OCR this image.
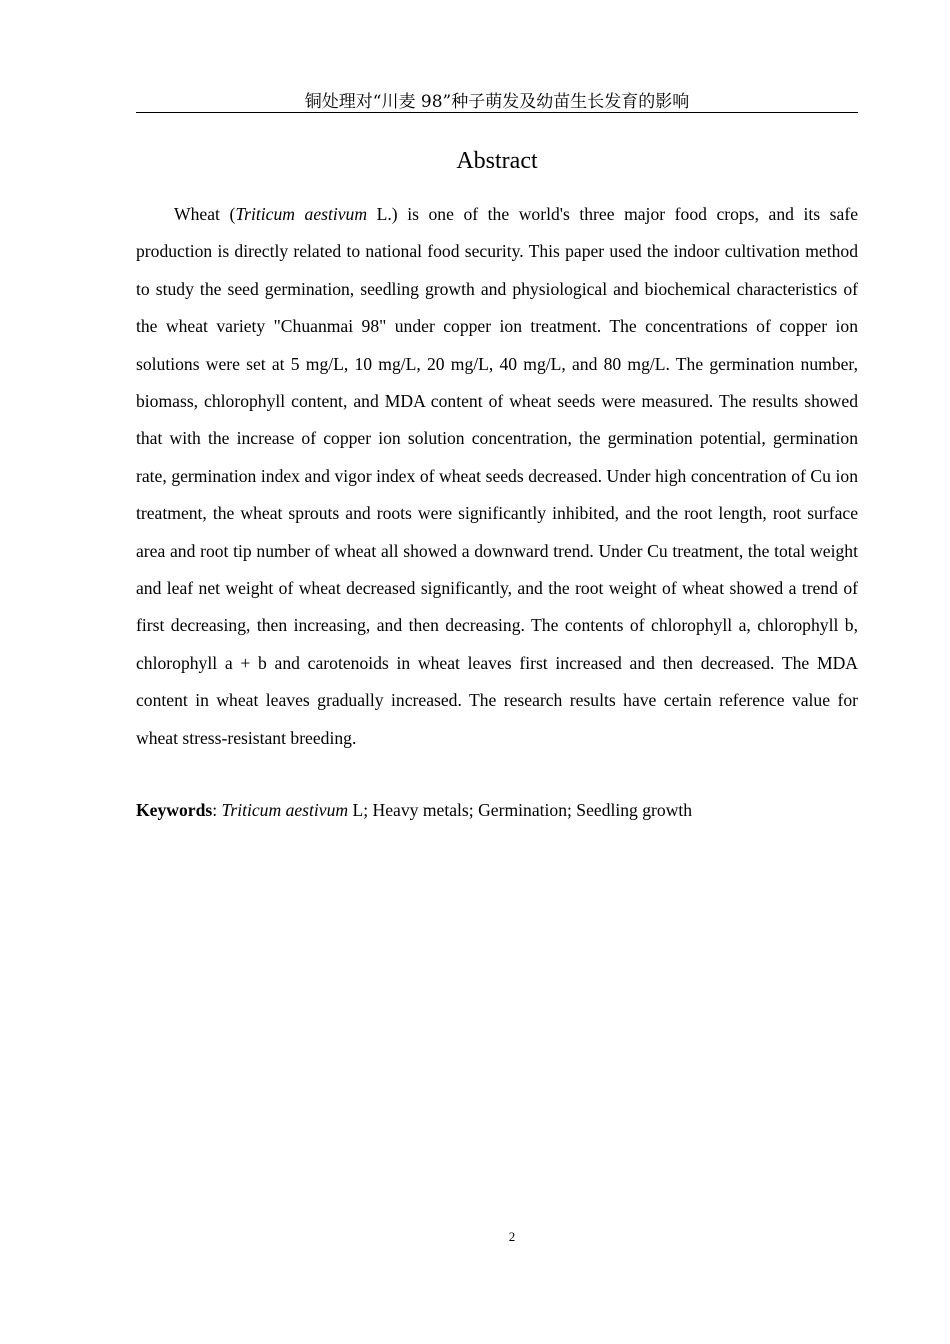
铜处理对“川麦 98”种子萌发及幼苗生长发育的影响
Abstract

Wheat (Triticum aestivum L.) is one of the world's three major food crops, and its safe production is directly related to national food security. This paper used the indoor cultivation method to study the seed germination, seedling growth and physiological and biochemical characteristics of the wheat variety "Chuanmai 98" under copper ion treatment. The concentrations of copper ion solutions were set at 5 mg/L, 10 mg/L, 20 mg/L, 40 mg/L, and 80 mg/L. The germination number, biomass, chlorophyll content, and MDA content of wheat seeds were measured. The results showed that with the increase of copper ion solution concentration, the germination potential, germination rate, germination index and vigor index of wheat seeds decreased. Under high concentration of Cu ion treatment, the wheat sprouts and roots were significantly inhibited, and the root length, root surface area and root tip number of wheat all showed a downward trend. Under Cu treatment, the total weight and leaf net weight of wheat decreased significantly, and the root weight of wheat showed a trend of first decreasing, then increasing, and then decreasing. The contents of chlorophyll a, chlorophyll b, chlorophyll a + b and carotenoids in wheat leaves first increased and then decreased. The MDA content in wheat leaves gradually increased. The research results have certain reference value for wheat stress-resistant breeding.

Keywords: Triticum aestivum L; Heavy metals; Germination; Seedling growth

2
